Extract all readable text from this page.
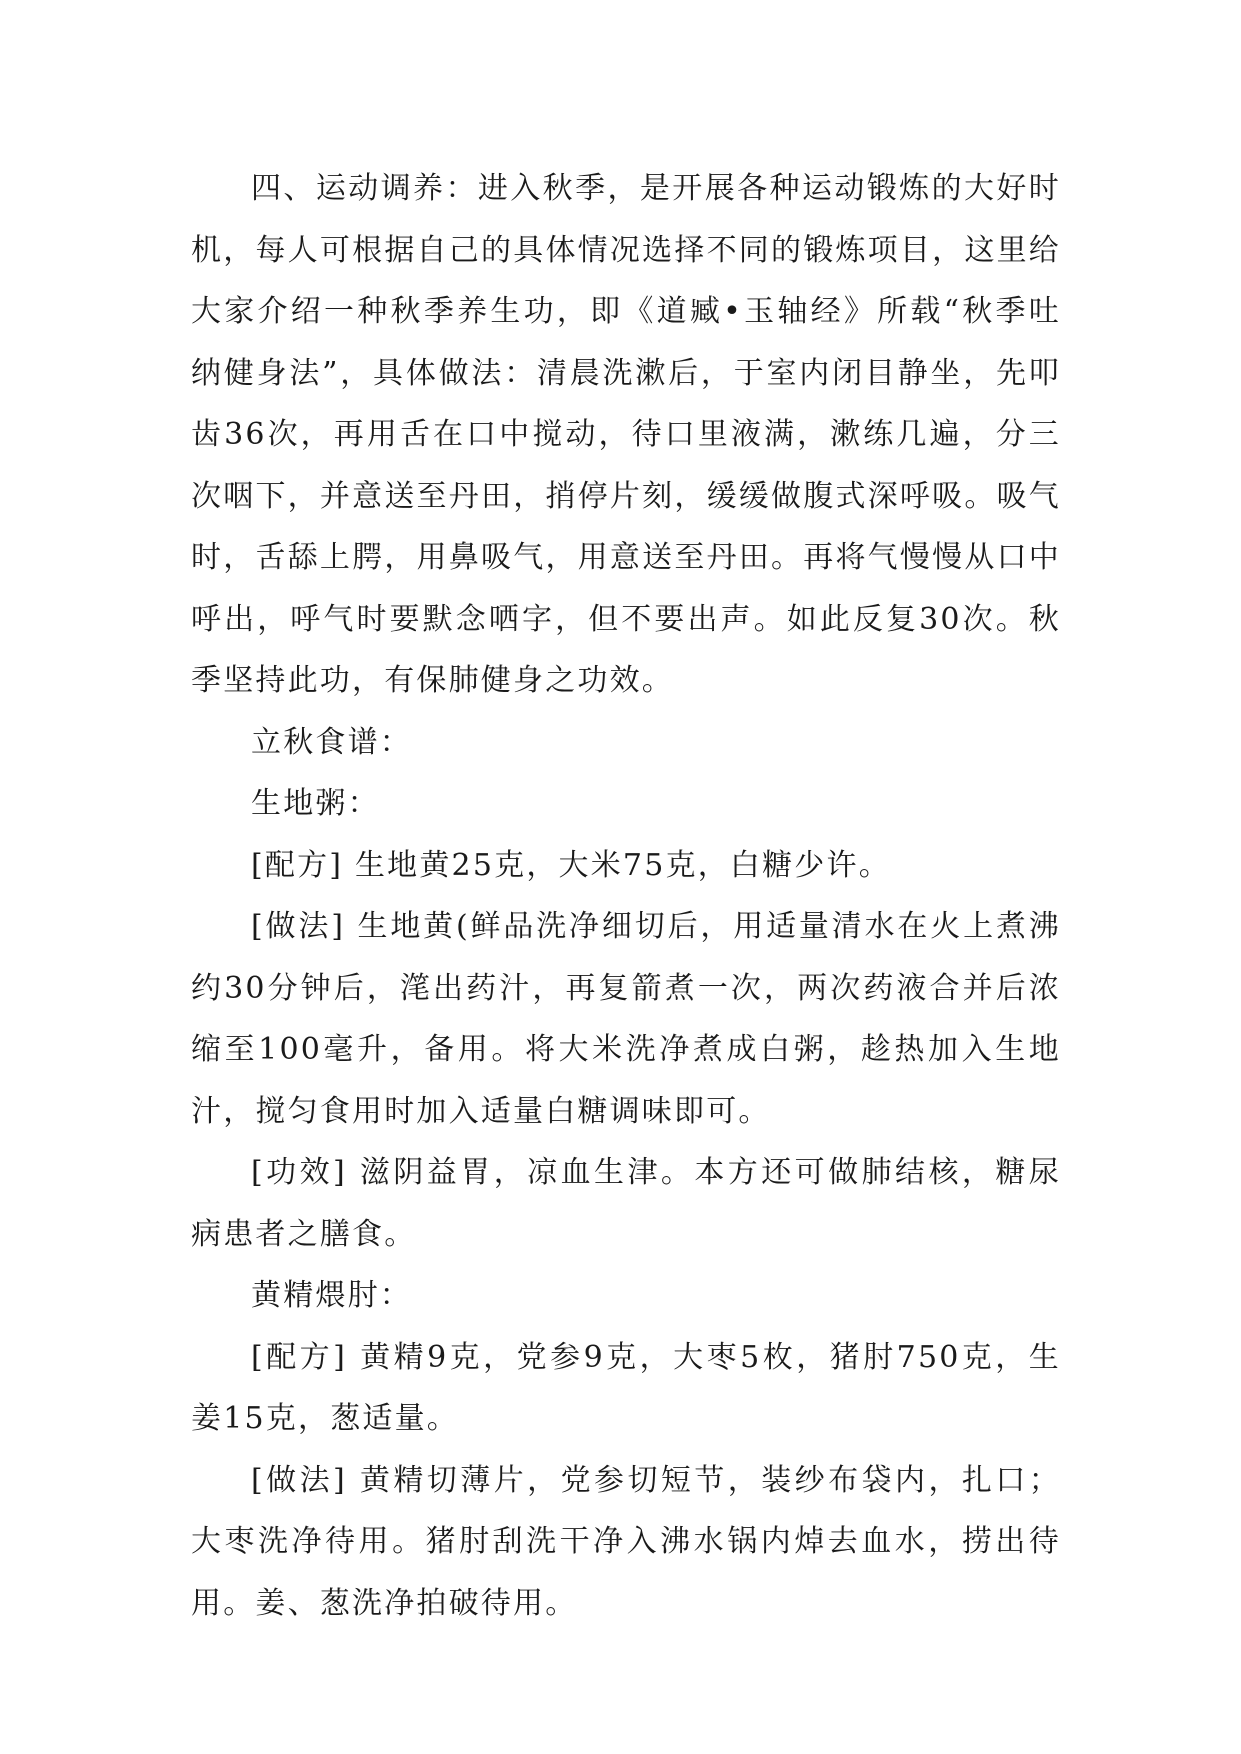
四、运动调养：进入秋季，是开展各种运动锻炼的大好时机，每人可根据自己的具体情况选择不同的锻炼项目，这里给大家介绍一种秋季养生功，即《道臧•玉轴经》所载“秋季吐纳健身法”，具体做法：清晨洗漱后，于室内闭目静坐，先叩齿36次，再用舌在口中搅动，待口里液满，漱练几遍，分三次咽下，并意送至丹田，捎停片刻，缓缓做腹式深呼吸。吸气时，舌舔上腭，用鼻吸气，用意送至丹田。再将气慢慢从口中呼出，呼气时要默念哂字，但不要出声。如此反复30次。秋季坚持此功，有保肺健身之功效。

立秋食谱：

生地粥：

[配方] 生地黄25克，大米75克，白糖少许。

[做法] 生地黄(鲜品洗净细切后，用适量清水在火上煮沸约30分钟后，滗出药汁，再复箭煮一次，两次药液合并后浓缩至100毫升，备用。将大米洗净煮成白粥，趁热加入生地汁，搅匀食用时加入适量白糖调味即可。

[功效] 滋阴益胃，凉血生津。本方还可做肺结核，糖尿病患者之膳食。

黄精煨肘：

[配方] 黄精9克，党参9克，大枣5枚，猪肘750克，生姜15克，葱适量。

[做法] 黄精切薄片，党参切短节，装纱布袋内，扎口；大枣洗净待用。猪肘刮洗干净入沸水锅内焯去血水，捞出待用。姜、葱洗净拍破待用。
